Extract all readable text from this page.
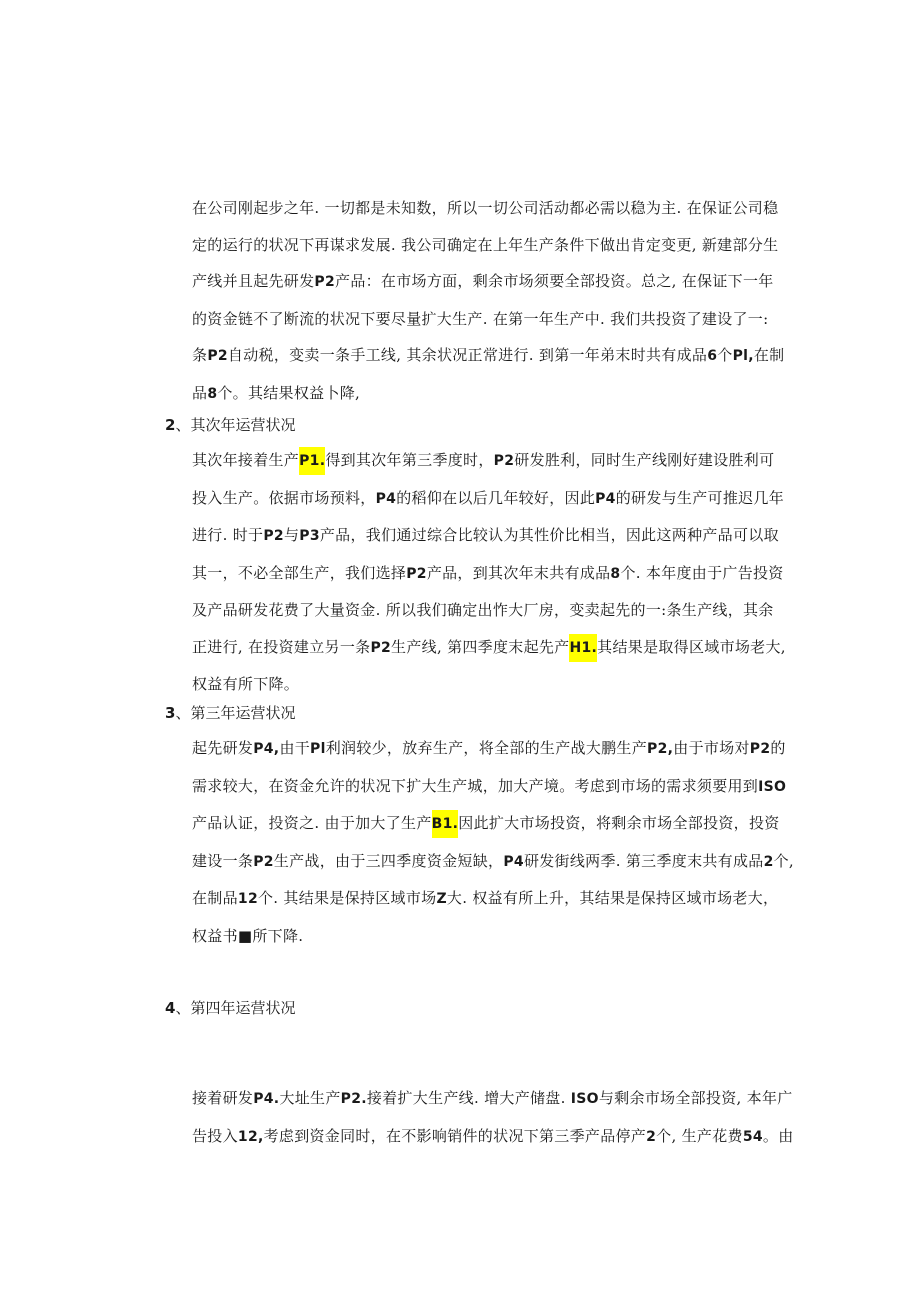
在公司刚起步之年. 一切都是未知数，所以一切公司活动都必需以稳为主. 在保证公司稳
定的运行的状况下再谋求发展. 我公司确定在上年生产条件下做出肯定变更, 新建部分生
产线并且起先研发P2产品：在市场方面，剩余市场须要全部投资。总之, 在保证下一年
的资金链不了断流的状况下要尽量扩大生产. 在第一年生产中. 我们共投资了建设了一:
条P2自动税，变卖一条手工线, 其余状况正常进行. 到第一年弟末时共有成品6个Pl,在制
品8个。其结果权益卜降,
2、其次年运营状况
其次年接着生产P1.得到其次年第三季度时，P2研发胜利，同时生产线刚好建设胜利可
投入生产。依据市场预料，P4的稻仰在以后几年较好，因此P4的研发与生产可推迟几年
进行. 时于P2与P3产品，我们通过综合比较认为其性价比相当，因此这两种产品可以取
其一，不必全部生产，我们选择P2产品，到其次年末共有成品8个. 本年度由于广告投资
及产品研发花费了大量资金. 所以我们确定出怍大厂房，变卖起先的一:条生产线，其余
正进行, 在投资建立另一条P2生产线, 第四季度末起先产H1.其结果是取得区域市场老大,
权益有所下降。
3、第三年运营状况
起先研发P4,由干Pl利润较少，放弃生产，将全部的生产战大鹏生产P2,由于市场对P2的
需求较大，在资金允许的状况下扩大生产城，加大产境。考虑到市场的需求须要用到ISO
产品认证，投资之. 由于加大了生产B1.因此扩大市场投资，将剩余市场全部投资，投资
建设一条P2生产战，由于三四季度资金短缺，P4研发街线两季. 第三季度末共有成品2个,
在制品12个. 其结果是保持区域市场Z大. 权益有所上升，其结果是保持区域市场老大，
权益书■所下降.
4、第四年运营状况
接着研发P4.大址生产P2.接着扩大生产线. 增大产储盘. ISO与剩余市场全部投资, 本年广
告投入12,考虑到资金同时，在不影响销件的状况下第三季产品停产2个, 生产花费54。由
